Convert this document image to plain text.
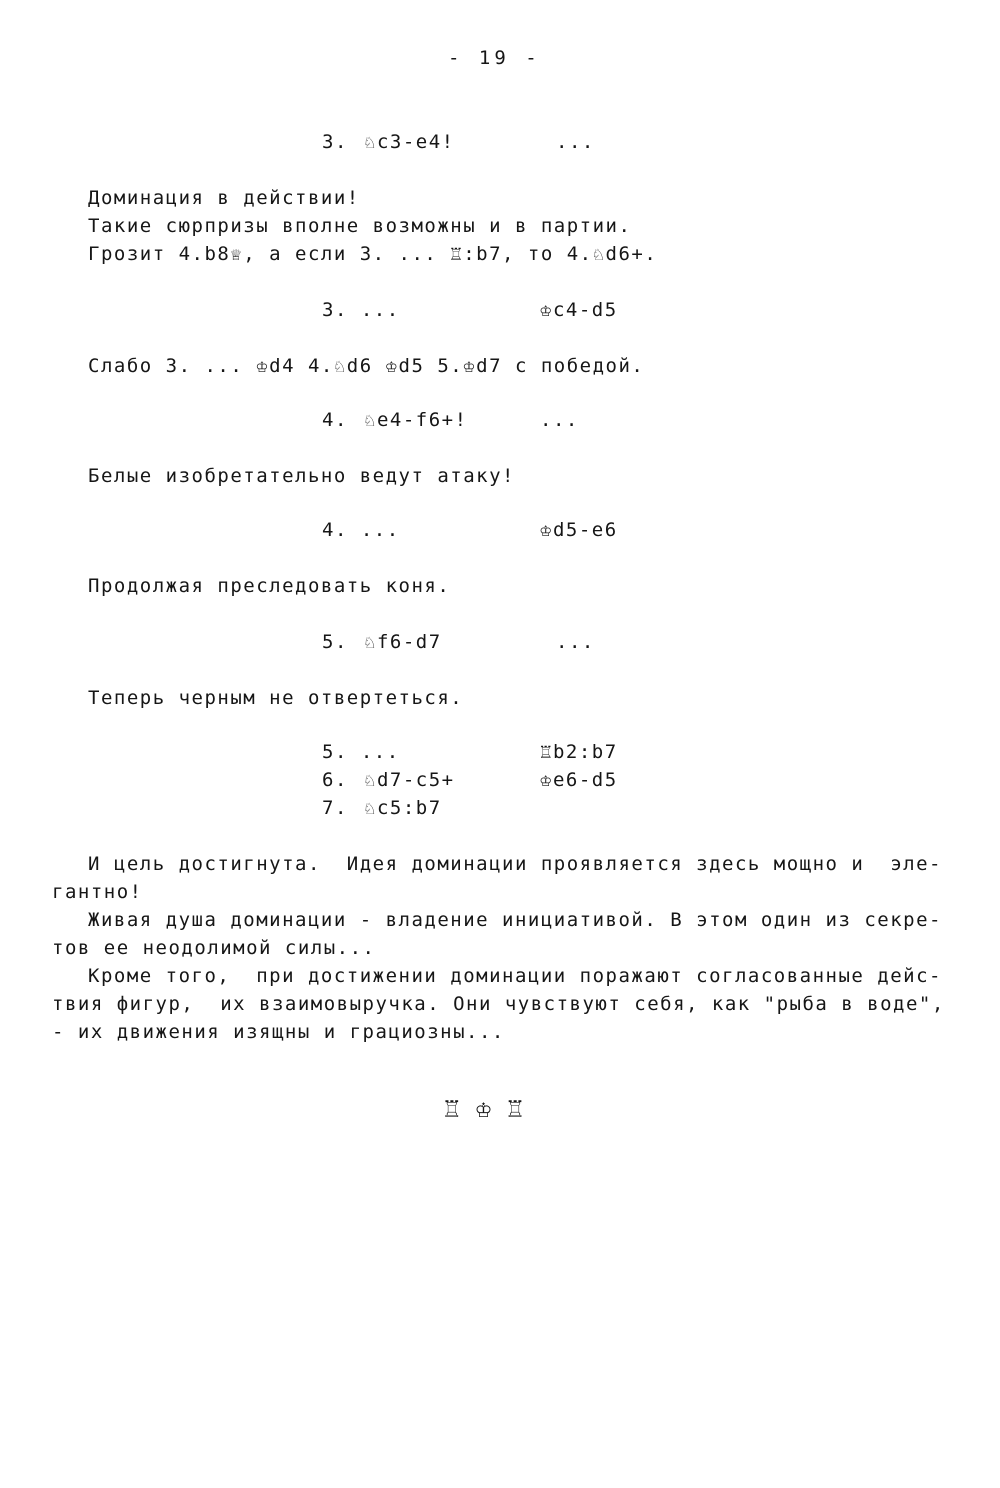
- 19 -
3. ♘c3-e4!	...
Доминация в действии!
Такие сюрпризы вполне возможны и в партии.
Грозит 4.b8♕, а если 3. ... ♖:b7, то 4.♘d6+.
3. ...	♔c4-d5
Слабо 3. ... ♔d4 4.♘d6 ♔d5 5.♔d7 с победой.
4. ♘e4-f6+!	...
Белые изобретательно ведут атаку!
4. ...	♔d5-e6
Продолжая преследовать коня.
5. ♘f6-d7	...
Теперь черным не отвертеться.
5. ...	♖b2:b7
6. ♘d7-c5+	♔e6-d5
7. ♘c5:b7
И цель достигнута.  Идея доминации проявляется здесь мощно и  эле-
гантно!
Живая душа доминации - владение инициативой. В этом один из секре-
тов ее неодолимой силы...
Кроме того,  при достижении доминации поражают согласованные дейс-
твия фигур,  их взаимовыручка. Они чувствуют себя, как "рыба в воде",
- их движения изящны и грациозны...
♖♔♖
